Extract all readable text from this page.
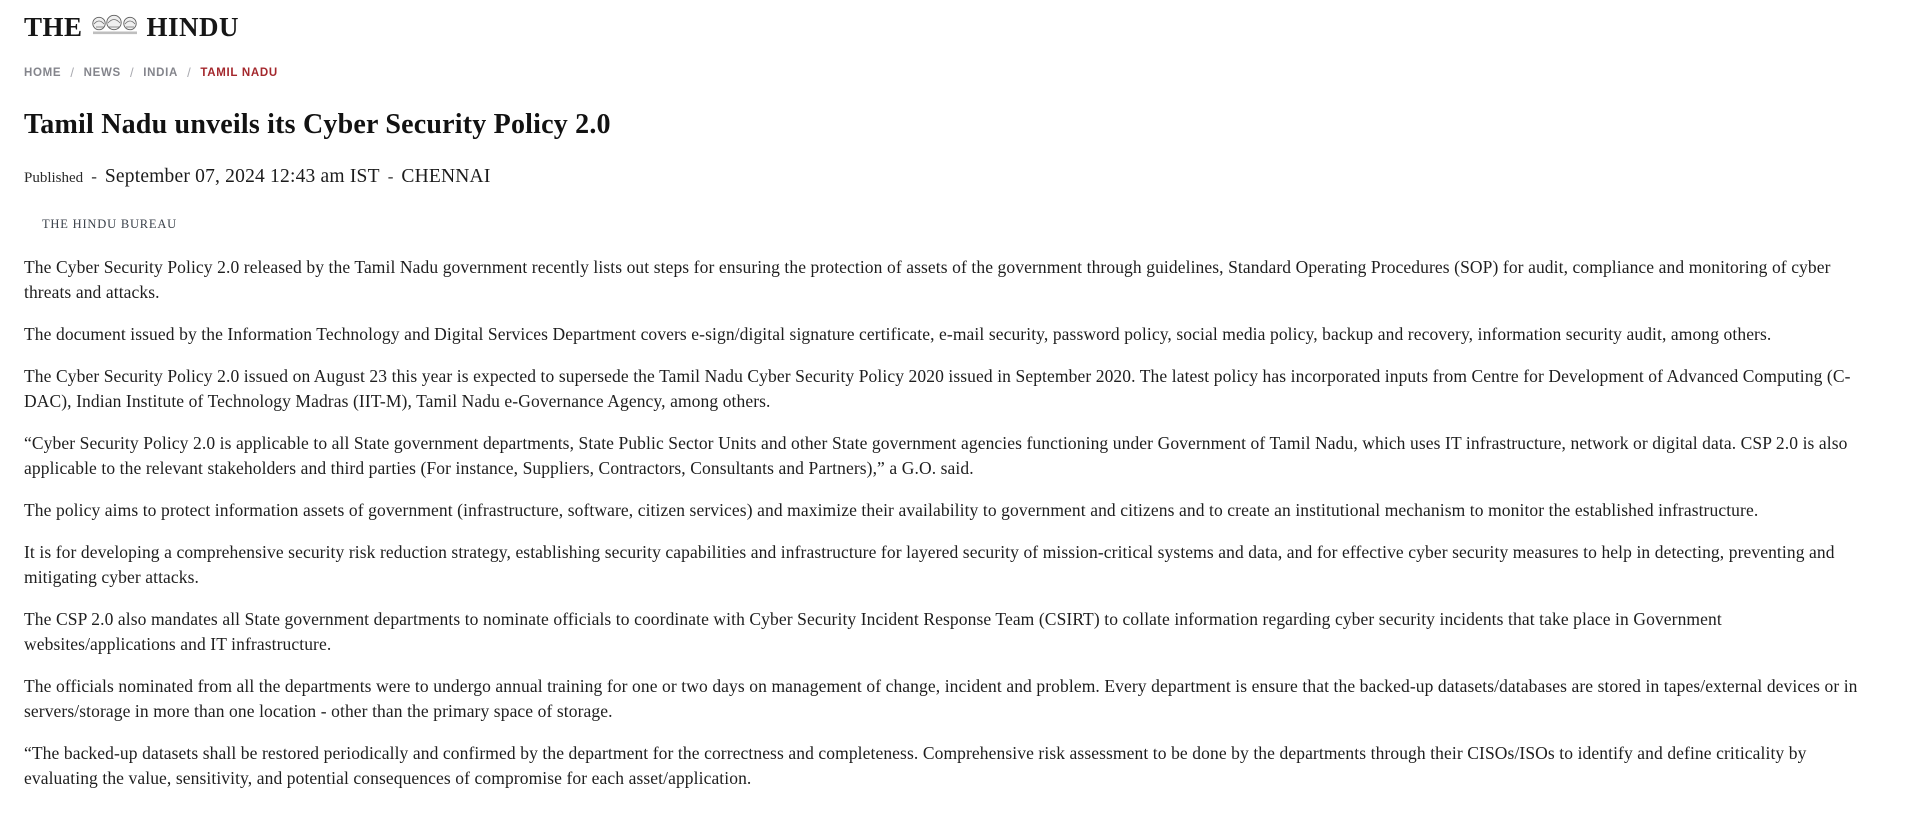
THE HINDU
HOME / NEWS / INDIA / TAMIL NADU
Tamil Nadu unveils its Cyber Security Policy 2.0
Published - September 07, 2024 12:43 am IST - CHENNAI
THE HINDU BUREAU

The Cyber Security Policy 2.0 released by the Tamil Nadu government recently lists out steps for ensuring the protection of assets of the government through guidelines, Standard Operating Procedures (SOP) for audit, compliance and monitoring of cyber threats and attacks.

The document issued by the Information Technology and Digital Services Department covers e-sign/digital signature certificate, e-mail security, password policy, social media policy, backup and recovery, information security audit, among others.

The Cyber Security Policy 2.0 issued on August 23 this year is expected to supersede the Tamil Nadu Cyber Security Policy 2020 issued in September 2020. The latest policy has incorporated inputs from Centre for Development of Advanced Computing (C-DAC), Indian Institute of Technology Madras (IIT-M), Tamil Nadu e-Governance Agency, among others.

“Cyber Security Policy 2.0 is applicable to all State government departments, State Public Sector Units and other State government agencies functioning under Government of Tamil Nadu, which uses IT infrastructure, network or digital data. CSP 2.0 is also applicable to the relevant stakeholders and third parties (For instance, Suppliers, Contractors, Consultants and Partners),” a G.O. said.

The policy aims to protect information assets of government (infrastructure, software, citizen services) and maximize their availability to government and citizens and to create an institutional mechanism to monitor the established infrastructure.

It is for developing a comprehensive security risk reduction strategy, establishing security capabilities and infrastructure for layered security of mission-critical systems and data, and for effective cyber security measures to help in detecting, preventing and mitigating cyber attacks.

The CSP 2.0 also mandates all State government departments to nominate officials to coordinate with Cyber Security Incident Response Team (CSIRT) to collate information regarding cyber security incidents that take place in Government websites/applications and IT infrastructure.

The officials nominated from all the departments were to undergo annual training for one or two days on management of change, incident and problem. Every department is ensure that the backed-up datasets/databases are stored in tapes/external devices or in servers/storage in more than one location - other than the primary space of storage.

“The backed-up datasets shall be restored periodically and confirmed by the department for the correctness and completeness. Comprehensive risk assessment to be done by the departments through their CISOs/ISOs to identify and define criticality by evaluating the value, sensitivity, and potential consequences of compromise for each asset/application.
